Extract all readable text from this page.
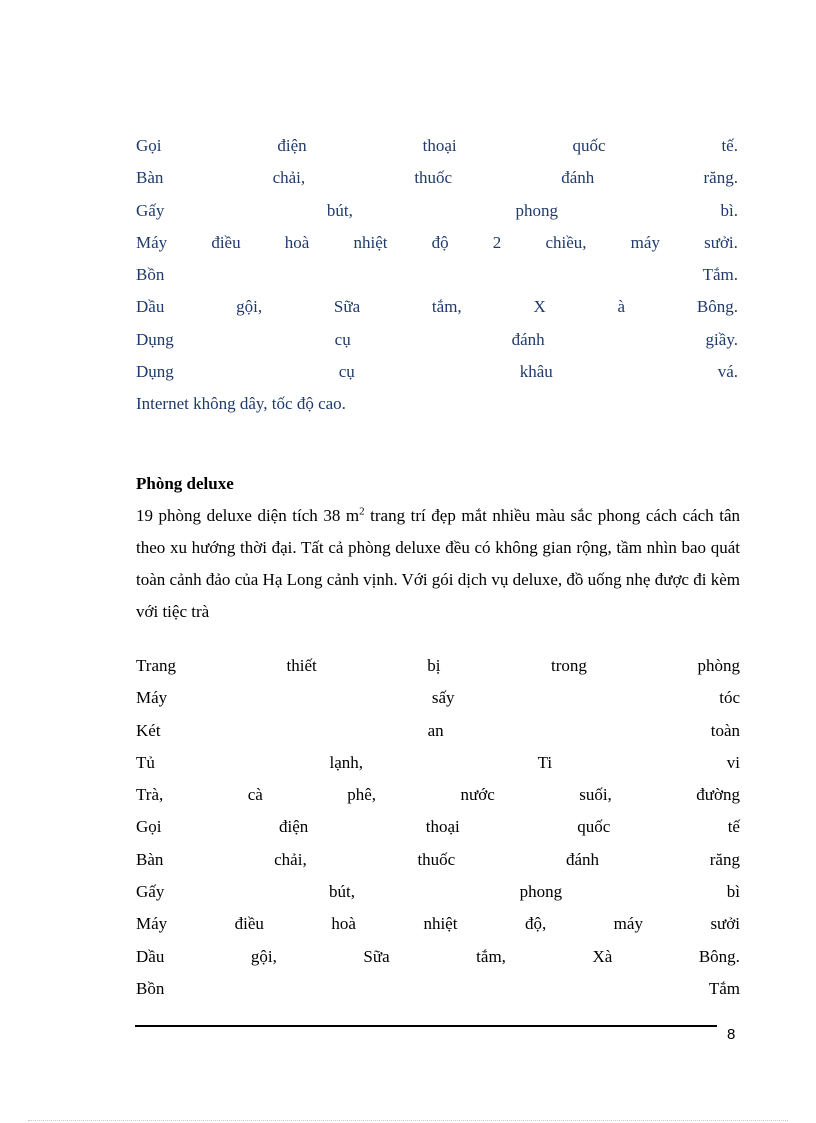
Gọi	điện	thoại	quốc	tế.
Bàn	chải,	thuốc	đánh	răng.
Gấy	bút,	phong	bì.
Máy	điều	hoà	nhiệt	độ	2	chiều,	máy	sưởi.
Bồn	Tắm.
Dầu	gội,	Sữa	tắm,	X	à	Bông.
Dụng	cụ	đánh	giầy.
Dụng	cụ	khâu	vá.
Internet không dây, tốc độ cao.
Phòng deluxe

19 phòng deluxe diện tích 38 $m^2$ trang trí đẹp mắt nhiều màu sắc phong cách cách tân theo xu hướng thời đại. Tất cả phòng deluxe đều có không gian rộng, tầm nhìn bao quát toàn cảnh đảo của Hạ Long cảnh vịnh. Với gói dịch vụ deluxe, đồ uống nhẹ được đi kèm với tiệc trà

Trang	thiết	bị	trong	phòng
Máy	sấy	tóc
Két	an	toàn
Tủ	lạnh,	Ti	vi
Trà,	cà	phê,	nước	suối,	đường
Gọi	điện	thoại	quốc	tế
Bàn	chải,	thuốc	đánh	răng
Gấy	bút,	phong	bì
Máy	điều	hoà	nhiệt	độ,	máy	sưởi
Dầu	gội,	Sữa	tắm,	Xà	Bông.
Bồn	Tắm
8
